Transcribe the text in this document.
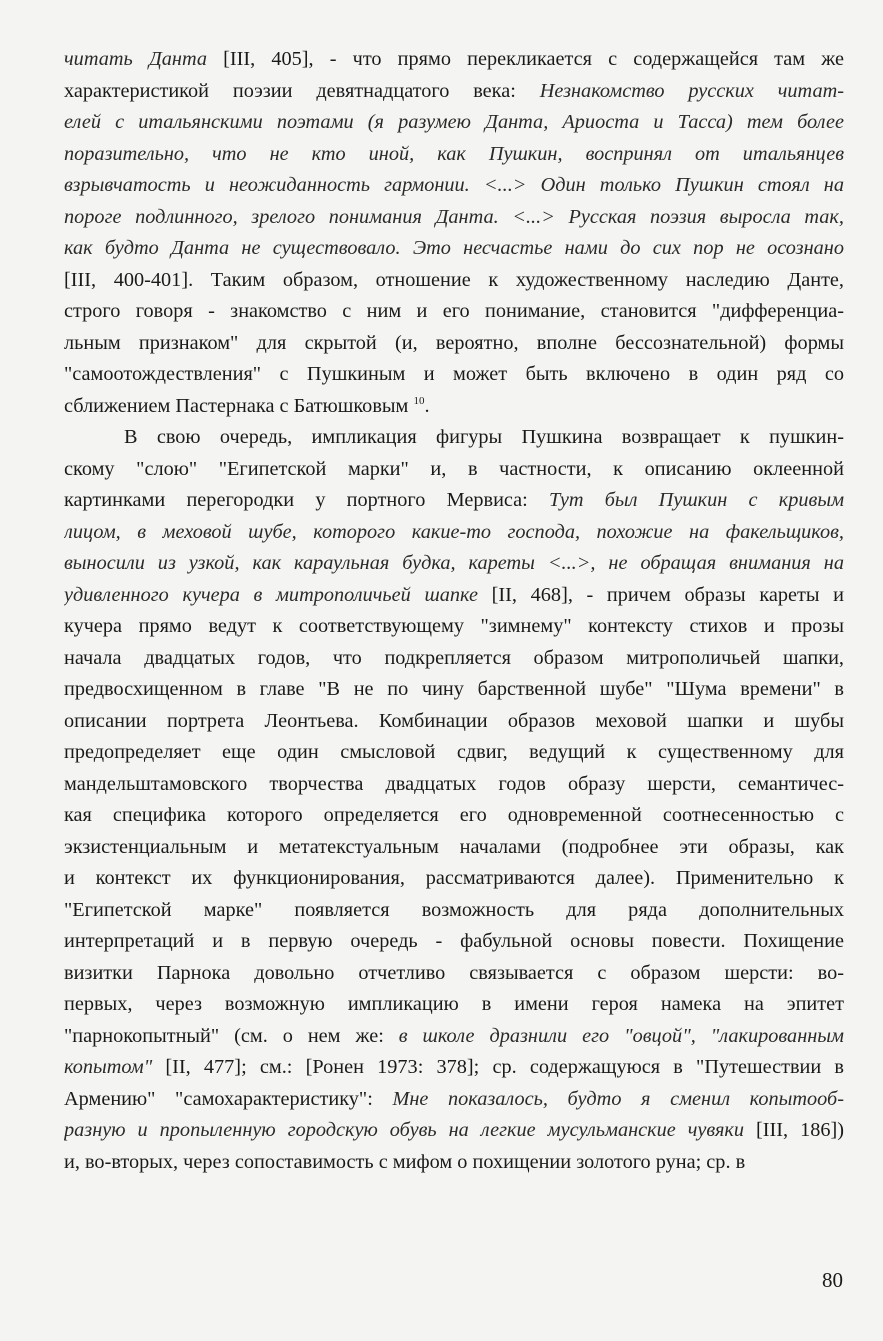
читать Данта [III, 405], - что прямо перекликается с содержащейся там же
характеристикой поэзии девятнадцатого века: Незнакомство русских читат-
елей с итальянскими поэтами (я разумею Данта, Ариоста и Тасса) тем более
поразительно, что не кто иной, как Пушкин, воспринял от итальянцев
взрывчатость и неожиданность гармонии. <...> Один только Пушкин стоял на
пороге подлинного, зрелого понимания Данта. <...> Русская поэзия выросла так,
как будто Данта не существовало. Это несчастье нами до сих пор не осознано
[III, 400-401]. Таким образом, отношение к художественному наследию Данте,
строго говоря - знакомство с ним и его понимание, становится "дифференциа-
льным признаком" для скрытой (и, вероятно, вполне бессознательной) формы
"самоотождествления" с Пушкиным и может быть включено в один ряд со
сближением Пастернака с Батюшковым $^{10}$.
В свою очередь, импликация фигуры Пушкина возвращает к пушкин-
скому "слою" "Египетской марки" и, в частности, к описанию оклеенной
картинками перегородки у портного Мервиса: Тут был Пушкин с кривым
лицом, в меховой шубе, которого какие-то господа, похожие на факельщиков,
выносили из узкой, как караульная будка, кареты <...>, не обращая внимания на
удивленного кучера в митрополичьей шапке [II, 468], - причем образы кареты и
кучера прямо ведут к соответствующему "зимнему" контексту стихов и прозы
начала двадцатых годов, что подкрепляется образом митрополичьей шапки,
предвосхищенном в главе "В не по чину барственной шубе" "Шума времени" в
описании портрета Леонтьева. Комбинации образов меховой шапки и шубы
предопределяет еще один смысловой сдвиг, ведущий к существенному для
мандельштамовского творчества двадцатых годов образу шерсти, семантичес-
кая специфика которого определяется его одновременной соотнесенностью с
экзистенциальным и метатекстуальным началами (подробнее эти образы, как
и контекст их функционирования, рассматриваются далее). Применительно к
"Египетской марке" появляется возможность для ряда дополнительных
интерпретаций и в первую очередь - фабульной основы повести. Похищение
визитки Парнока довольно отчетливо связывается с образом шерсти: во-
первых, через возможную импликацию в имени героя намека на эпитет
"парнокопытный" (см. о нем же: в школе дразнили его "овцой", "лакированным
копытом" [II, 477]; см.: [Ронен 1973: 378]; ср. содержащуюся в "Путешествии в
Армению" "самохарактеристику": Мне показалось, будто я сменил копытооб-
разную и пропыленную городскую обувь на легкие мусульманские чувяки [III, 186])
и, во-вторых, через сопоставимость с мифом о похищении золотого руна; ср. в
80
